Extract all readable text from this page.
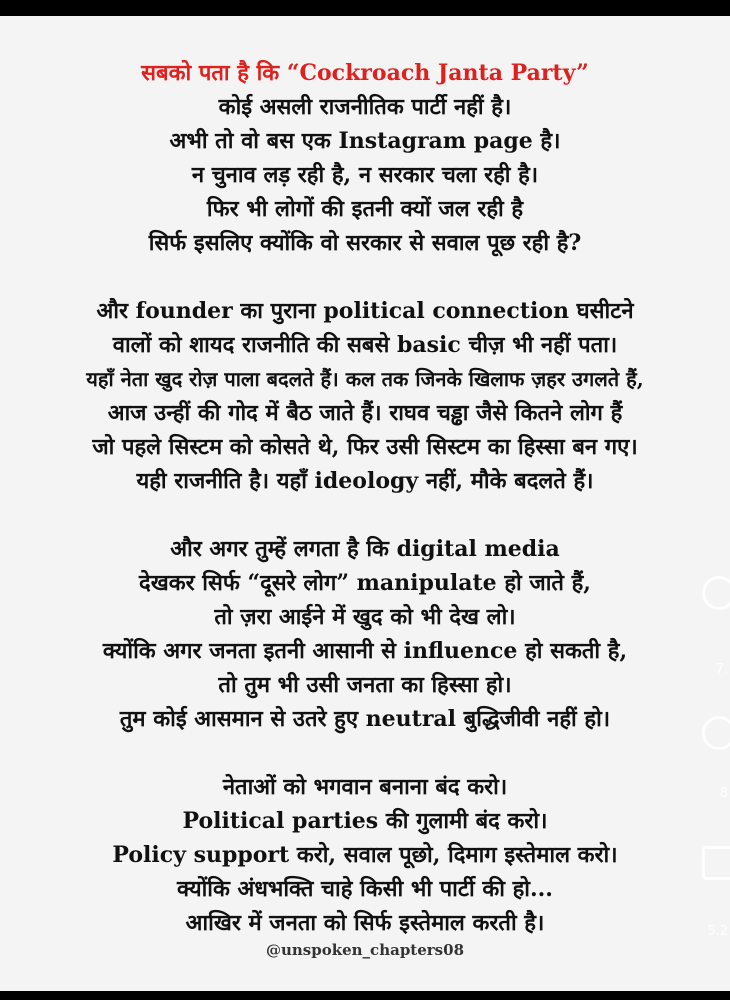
सबको पता है कि “Cockroach Janta Party”
कोई असली राजनीतिक पार्टी नहीं है।
अभी तो वो बस एक Instagram page है।
न चुनाव लड़ रही है, न सरकार चला रही है।
फिर भी लोगों की इतनी क्यों जल रही है
सिर्फ इसलिए क्योंकि वो सरकार से सवाल पूछ रही है?
और founder का पुराना political connection घसीटने
वालों को शायद राजनीति की सबसे basic चीज़ भी नहीं पता।
यहाँ नेता खुद रोज़ पाला बदलते हैं। कल तक जिनके खिलाफ ज़हर उगलते हैं,
आज उन्हीं की गोद में बैठ जाते हैं। राघव चड्ढा जैसे कितने लोग हैं
जो पहले सिस्टम को कोसते थे, फिर उसी सिस्टम का हिस्सा बन गए।
यही राजनीति है। यहाँ ideology नहीं, मौके बदलते हैं।
और अगर तुम्हें लगता है कि digital media
देखकर सिर्फ “दूसरे लोग” manipulate हो जाते हैं,
तो ज़रा आईने में खुद को भी देख लो।
क्योंकि अगर जनता इतनी आसानी से influence हो सकती है,
तो तुम भी उसी जनता का हिस्सा हो।
तुम कोई आसमान से उतरे हुए neutral बुद्धिजीवी नहीं हो।
नेताओं को भगवान बनाना बंद करो।
Political parties की गुलामी बंद करो।
Policy support करो, सवाल पूछो, दिमाग इस्तेमाल करो।
क्योंकि अंधभक्ति चाहे किसी भी पार्टी की हो...
आखिर में जनता को सिर्फ इस्तेमाल करती है।
@unspoken_chapters08
7.
8
5.2
